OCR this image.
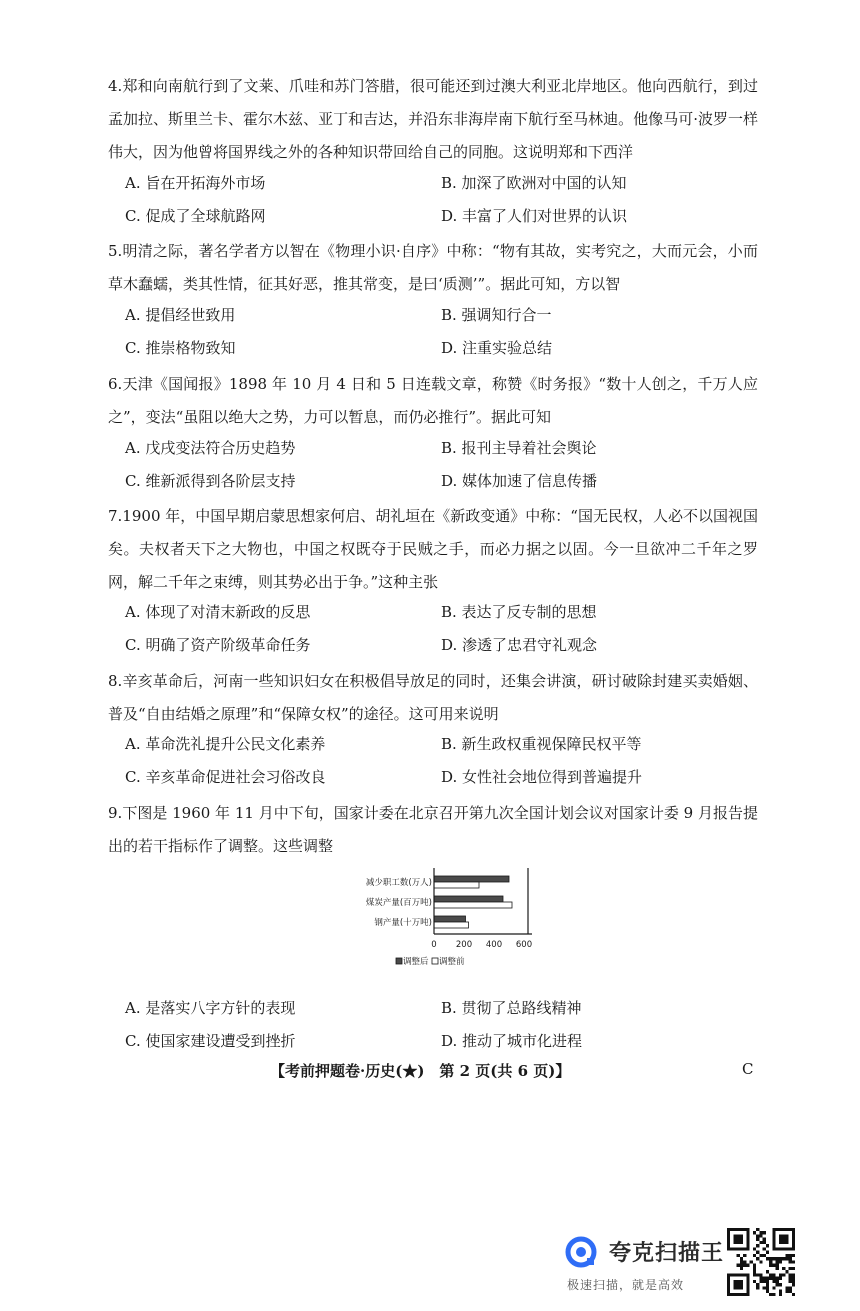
4.郑和向南航行到了文莱、爪哇和苏门答腊，很可能还到过澳大利亚北岸地区。他向西航行，到过孟加拉、斯里兰卡、霍尔木兹、亚丁和吉达，并沿东非海岸南下航行至马林迪。他像马可·波罗一样伟大，因为他曾将国界线之外的各种知识带回给自己的同胞。这说明郑和下西洋
A. 旨在开拓海外市场	B. 加深了欧洲对中国的认知
C. 促成了全球航路网	D. 丰富了人们对世界的认识
5.明清之际，著名学者方以智在《物理小识·自序》中称：“物有其故，实考究之，大而元会，小而草木蠢蠕，类其性情，征其好恶，推其常变，是曰‘质测’”。据此可知，方以智
A. 提倡经世致用	B. 强调知行合一
C. 推崇格物致知	D. 注重实验总结
6.天津《国闻报》1898 年 10 月 4 日和 5 日连载文章，称赞《时务报》“数十人创之，千万人应之”，变法“虽阻以绝大之势，力可以暂息，而仍必推行”。据此可知
A. 戊戌变法符合历史趋势	B. 报刊主导着社会舆论
C. 维新派得到各阶层支持	D. 媒体加速了信息传播
7.1900 年，中国早期启蒙思想家何启、胡礼垣在《新政变通》中称：“国无民权，人必不以国视国矣。夫权者天下之大物也，中国之权既夺于民贼之手，而必力据之以固。今一旦欲冲二千年之罗网，解二千年之束缚，则其势必出于争。”这种主张
A. 体现了对清末新政的反思	B. 表达了反专制的思想
C. 明确了资产阶级革命任务	D. 渗透了忠君守礼观念
8.辛亥革命后，河南一些知识妇女在积极倡导放足的同时，还集会讲演，研讨破除封建买卖婚姻、普及“自由结婚之原理”和“保障女权”的途径。这可用来说明
A. 革命洗礼提升公民文化素养	B. 新生政权重视保障民权平等
C. 辛亥革命促进社会习俗改良	D. 女性社会地位得到普遍提升
9.下图是 1960 年 11 月中下旬，国家计委在北京召开第九次全国计划会议对国家计委 9 月报告提出的若干指标作了调整。这些调整
减少职工数(万人)
煤炭产量(百万吨)
钢产量(十万吨)
0 200 400 600
调整后 调整前
A. 是落实八字方针的表现	B. 贯彻了总路线精神
C. 使国家建设遭受到挫折	D. 推动了城市化进程
【考前押题卷·历史(★)　第 2 页(共 6 页)】	C
夸克扫描王
极速扫描，就是高效
